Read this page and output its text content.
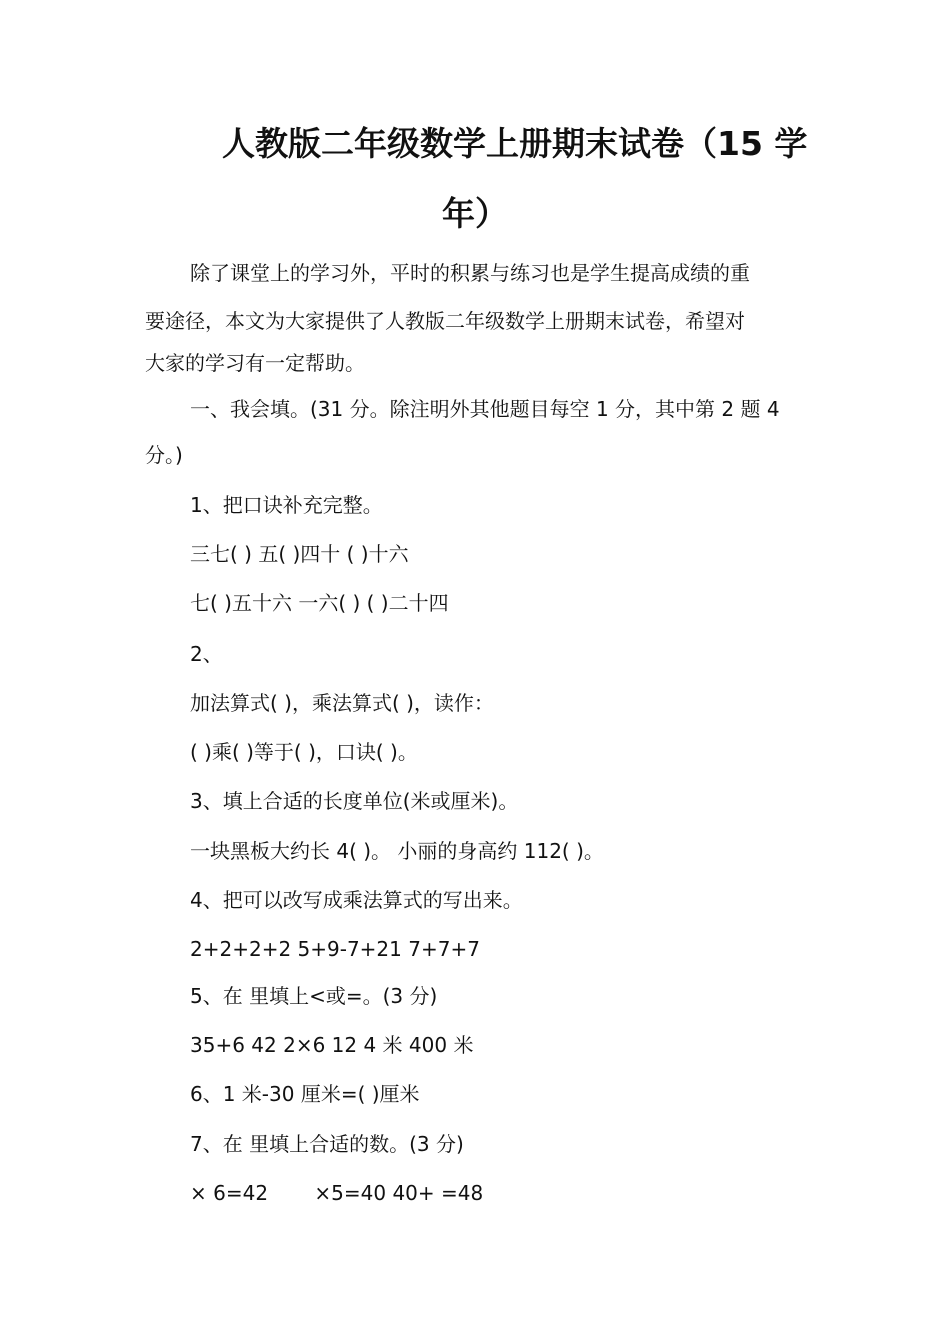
人教版二年级数学上册期末试卷（15 学
年）
除了课堂上的学习外，平时的积累与练习也是学生提高成绩的重
要途径，本文为大家提供了人教版二年级数学上册期末试卷，希望对
大家的学习有一定帮助。
一、我会填。(31 分。除注明外其他题目每空 1 分，其中第 2 题 4
分。)
1、把口诀补充完整。
三七( ) 五( )四十 ( )十六
七( )五十六 一六( ) ( )二十四
2、
加法算式( )，乘法算式( )，读作：
( )乘( )等于( )，口诀( )。
3、填上合适的长度单位(米或厘米)。
一块黑板大约长 4( )。 小丽的身高约 112( )。
4、把可以改写成乘法算式的写出来。
2+2+2+2 5+9-7+21 7+7+7
5、在 里填上<或=。(3 分)
35+6 42 2×6 12 4 米 400 米
6、1 米-30 厘米=( )厘米
7、在 里填上合适的数。(3 分)
× 6=42　　 ×5=40 40+ =48
